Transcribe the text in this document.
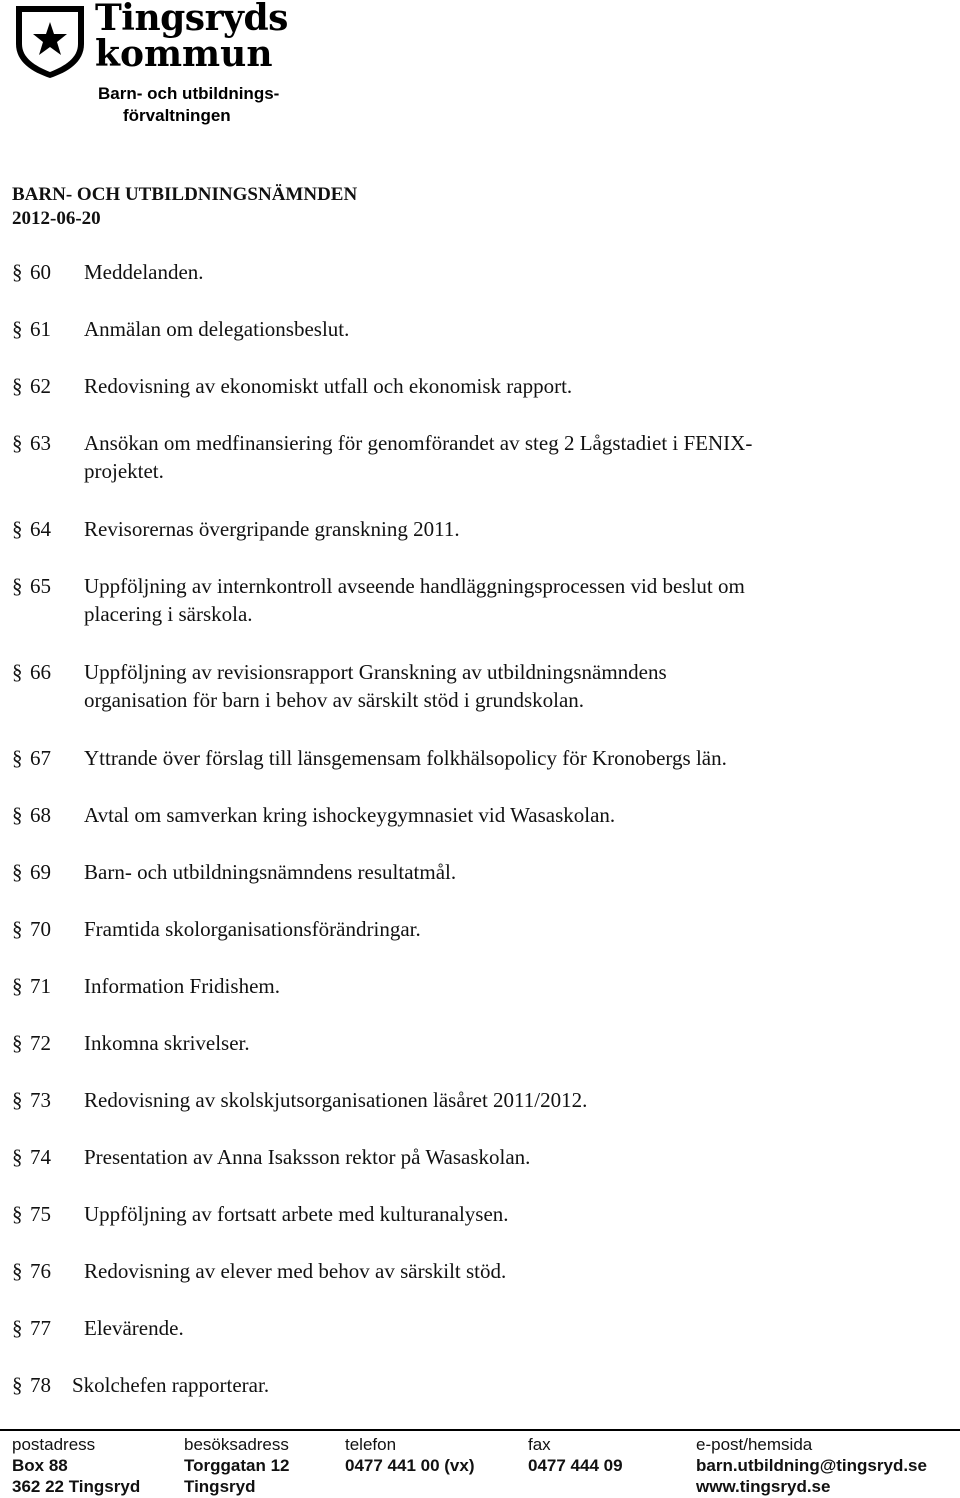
Tingsryds
kommun
Barn- och utbildnings-
förvaltningen
BARN- OCH UTBILDNINGSNÄMNDEN
2012-06-20
§ 60 Meddelanden.
§ 61 Anmälan om delegationsbeslut.
§ 62 Redovisning av ekonomiskt utfall och ekonomisk rapport.
§ 63 Ansökan om medfinansiering för genomförandet av steg 2 Lågstadiet i FENIX-
projektet.
§ 64 Revisorernas övergripande granskning 2011.
§ 65 Uppföljning av internkontroll avseende handläggningsprocessen vid beslut om
placering i särskola.
§ 66 Uppföljning av revisionsrapport Granskning av utbildningsnämndens
organisation för barn i behov av särskilt stöd i grundskolan.
§ 67 Yttrande över förslag till länsgemensam folkhälsopolicy för Kronobergs län.
§ 68 Avtal om samverkan kring ishockeygymnasiet vid Wasaskolan.
§ 69 Barn- och utbildningsnämndens resultatmål.
§ 70 Framtida skolorganisationsförändringar.
§ 71 Information Fridishem.
§ 72 Inkomna skrivelser.
§ 73 Redovisning av skolskjutsorganisationen läsåret 2011/2012.
§ 74 Presentation av Anna Isaksson rektor på Wasaskolan.
§ 75 Uppföljning av fortsatt arbete med kulturanalysen.
§ 76 Redovisning av elever med behov av särskilt stöd.
§ 77 Elevärende.
§ 78 Skolchefen rapporterar.
postadress
Box 88
362 22 Tingsryd
besöksadress
Torggatan 12
Tingsryd
telefon
0477 441 00 (vx)
fax
0477 444 09
e-post/hemsida
barn.utbildning@tingsryd.se
www.tingsryd.se
